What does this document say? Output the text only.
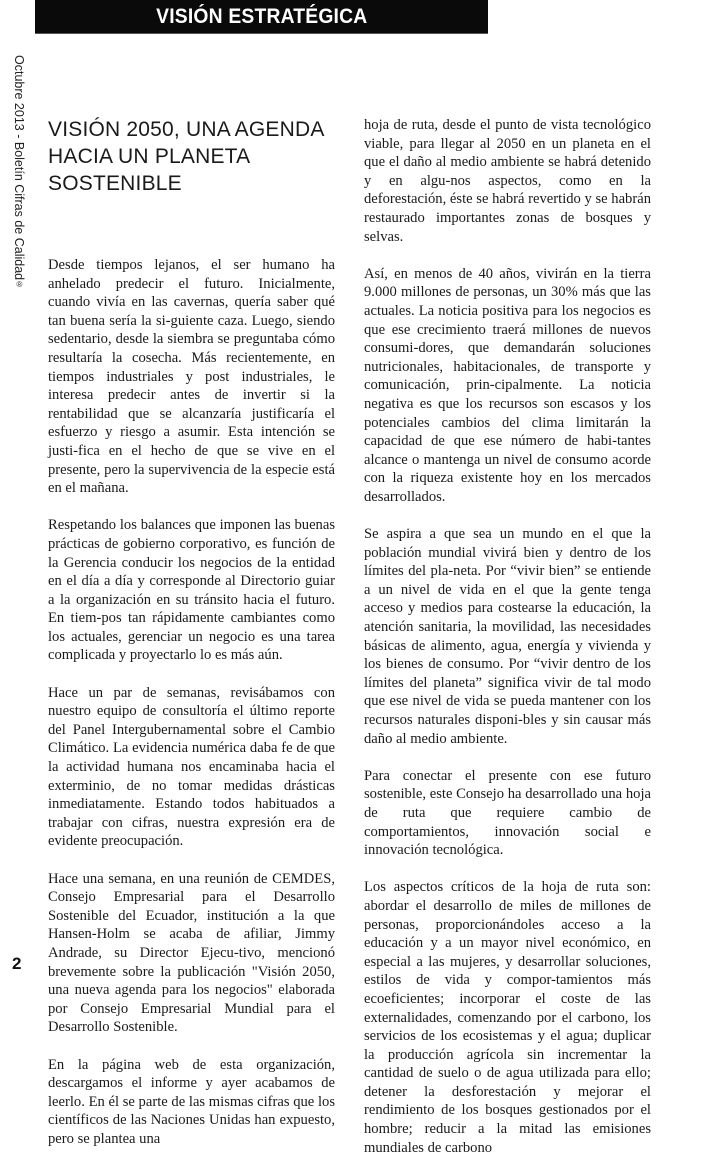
VISIÓN ESTRATÉGICA
Octubre 2013 - Boletín Cifras de Calidad®
2
VISIÓN 2050, UNA AGENDA HACIA UN PLANETA SOSTENIBLE

Desde tiempos lejanos, el ser humano ha anhelado predecir el futuro. Inicialmente, cuando vivía en las cavernas, quería saber qué tan buena sería la si-guiente caza. Luego, siendo sedentario, desde la siembra se preguntaba cómo resultaría la cosecha. Más recientemente, en tiempos industriales y post industriales, le interesa predecir antes de invertir si la rentabilidad que se alcanzaría justificaría el esfuerzo y riesgo a asumir. Esta intención se justi-fica en el hecho de que se vive en el presente, pero la supervivencia de la especie está en el mañana.

Respetando los balances que imponen las buenas prácticas de gobierno corporativo, es función de la Gerencia conducir los negocios de la entidad en el día a día y corresponde al Directorio guiar a la organización en su tránsito hacia el futuro. En tiem-pos tan rápidamente cambiantes como los actuales, gerenciar un negocio es una tarea complicada y proyectarlo lo es más aún.

Hace un par de semanas, revisábamos con nuestro equipo de consultoría el último reporte del Panel Intergubernamental sobre el Cambio Climático. La evidencia numérica daba fe de que la actividad humana nos encaminaba hacia el exterminio, de no tomar medidas drásticas inmediatamente. Estando todos habituados a trabajar con cifras, nuestra expresión era de evidente preocupación.

Hace una semana, en una reunión de CEMDES, Consejo Empresarial para el Desarrollo Sostenible del Ecuador, institución a la que Hansen-Holm se acaba de afiliar, Jimmy Andrade, su Director Ejecu-tivo, mencionó brevemente sobre la publicación "Visión 2050, una nueva agenda para los negocios" elaborada por Consejo Empresarial Mundial para el Desarrollo Sostenible.

En la página web de esta organización, descargamos el informe y ayer acabamos de leerlo. En él se parte de las mismas cifras que los científicos de las Naciones Unidas han expuesto, pero se plantea una

hoja de ruta, desde el punto de vista tecnológico viable, para llegar al 2050 en un planeta en el que el daño al medio ambiente se habrá detenido y en algu-nos aspectos, como en la deforestación, éste se habrá revertido y se habrán restaurado importantes zonas de bosques y selvas.

Así, en menos de 40 años, vivirán en la tierra 9.000 millones de personas, un 30% más que las actuales. La noticia positiva para los negocios es que ese crecimiento traerá millones de nuevos consumi-dores, que demandarán soluciones nutricionales, habitacionales, de transporte y comunicación, prin-cipalmente. La noticia negativa es que los recursos son escasos y los potenciales cambios del clima limitarán la capacidad de que ese número de habi-tantes alcance o mantenga un nivel de consumo acorde con la riqueza existente hoy en los mercados desarrollados.

Se aspira a que sea un mundo en el que la población mundial vivirá bien y dentro de los límites del pla-neta. Por “vivir bien” se entiende a un nivel de vida en el que la gente tenga acceso y medios para costearse la educación, la atención sanitaria, la movilidad, las necesidades básicas de alimento, agua, energía y vivienda y los bienes de consumo. Por “vivir dentro de los límites del planeta” significa vivir de tal modo que ese nivel de vida se pueda mantener con los recursos naturales disponi-bles y sin causar más daño al medio ambiente.

Para conectar el presente con ese futuro sostenible, este Consejo ha desarrollado una hoja de ruta que requiere cambio de comportamientos, innovación social e innovación tecnológica.

Los aspectos críticos de la hoja de ruta son: abordar el desarrollo de miles de millones de personas, proporcionándoles acceso a la educación y a un mayor nivel económico, en especial a las mujeres, y desarrollar soluciones, estilos de vida y compor-tamientos más ecoeficientes; incorporar el coste de las externalidades, comenzando por el carbono, los servicios de los ecosistemas y el agua; duplicar la producción agrícola sin incrementar la cantidad de suelo o de agua utilizada para ello; detener la desforestación y mejorar el rendimiento de los bosques gestionados por el hombre; reducir a la mitad las emisiones mundiales de carbono
